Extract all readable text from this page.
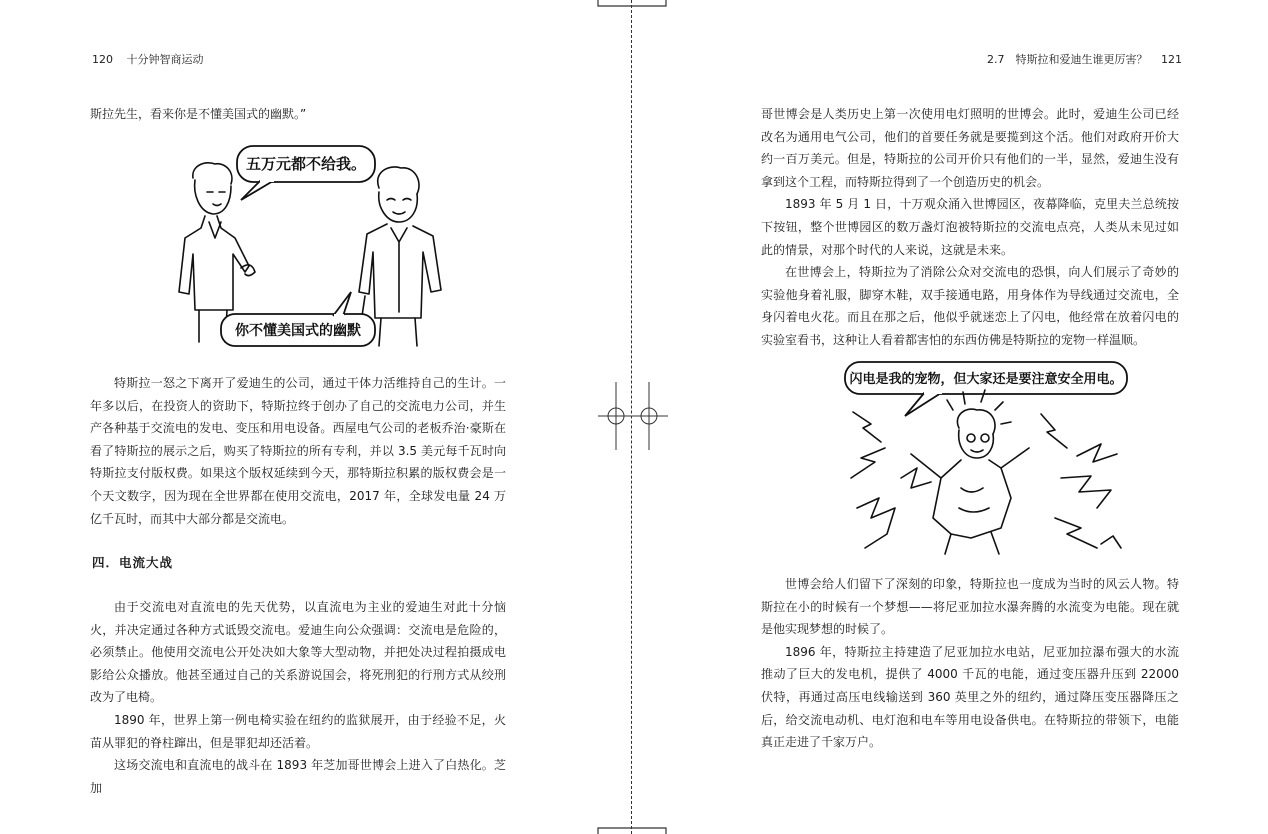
120 十分钟智商运动

斯拉先生，看来你是不懂美国式的幽默。”

五万元都不给我。
你不懂美国式的幽默

特斯拉一怒之下离开了爱迪生的公司，通过干体力活维持自己的生计。一年多以后，在投资人的资助下，特斯拉终于创办了自己的交流电力公司，并生产各种基于交流电的发电、变压和用电设备。西屋电气公司的老板乔治·豪斯在看了特斯拉的展示之后，购买了特斯拉的所有专利，并以 3.5 美元每千瓦时向特斯拉支付版权费。如果这个版权延续到今天，那特斯拉积累的版权费会是一个天文数字，因为现在全世界都在使用交流电，2017 年，全球发电量 24 万亿千瓦时，而其中大部分都是交流电。

四．电流大战

由于交流电对直流电的先天优势，以直流电为主业的爱迪生对此十分恼火，并决定通过各种方式诋毁交流电。爱迪生向公众强调：交流电是危险的，必须禁止。他使用交流电公开处决如大象等大型动物，并把处决过程拍摄成电影给公众播放。他甚至通过自己的关系游说国会，将死刑犯的行刑方式从绞刑改为了电椅。

1890 年，世界上第一例电椅实验在纽约的监狱展开，由于经验不足，火苗从罪犯的脊柱蹿出，但是罪犯却还活着。

这场交流电和直流电的战斗在 1893 年芝加哥世博会上进入了白热化。芝加

2.7　特斯拉和爱迪生谁更厉害？ 121

哥世博会是人类历史上第一次使用电灯照明的世博会。此时，爱迪生公司已经改名为通用电气公司，他们的首要任务就是要揽到这个活。他们对政府开价大约一百万美元。但是，特斯拉的公司开价只有他们的一半，显然，爱迪生没有拿到这个工程，而特斯拉得到了一个创造历史的机会。

1893 年 5 月 1 日，十万观众涌入世博园区，夜幕降临，克里夫兰总统按下按钮，整个世博园区的数万盏灯泡被特斯拉的交流电点亮，人类从未见过如此的情景，对那个时代的人来说，这就是未来。

在世博会上，特斯拉为了消除公众对交流电的恐惧，向人们展示了奇妙的实验他身着礼服，脚穿木鞋，双手接通电路，用身体作为导线通过交流电，全身闪着电火花。而且在那之后，他似乎就迷恋上了闪电，他经常在放着闪电的实验室看书，这种让人看着都害怕的东西仿佛是特斯拉的宠物一样温顺。

闪电是我的宠物，但大家还是要注意安全用电。

世博会给人们留下了深刻的印象，特斯拉也一度成为当时的风云人物。特斯拉在小的时候有一个梦想——将尼亚加拉水瀑奔腾的水流变为电能。现在就是他实现梦想的时候了。

1896 年，特斯拉主持建造了尼亚加拉水电站，尼亚加拉瀑布强大的水流推动了巨大的发电机，提供了 4000 千瓦的电能，通过变压器升压到 22000 伏特，再通过高压电线输送到 360 英里之外的纽约，通过降压变压器降压之后，给交流电动机、电灯泡和电车等用电设备供电。在特斯拉的带领下，电能真正走进了千家万户。
